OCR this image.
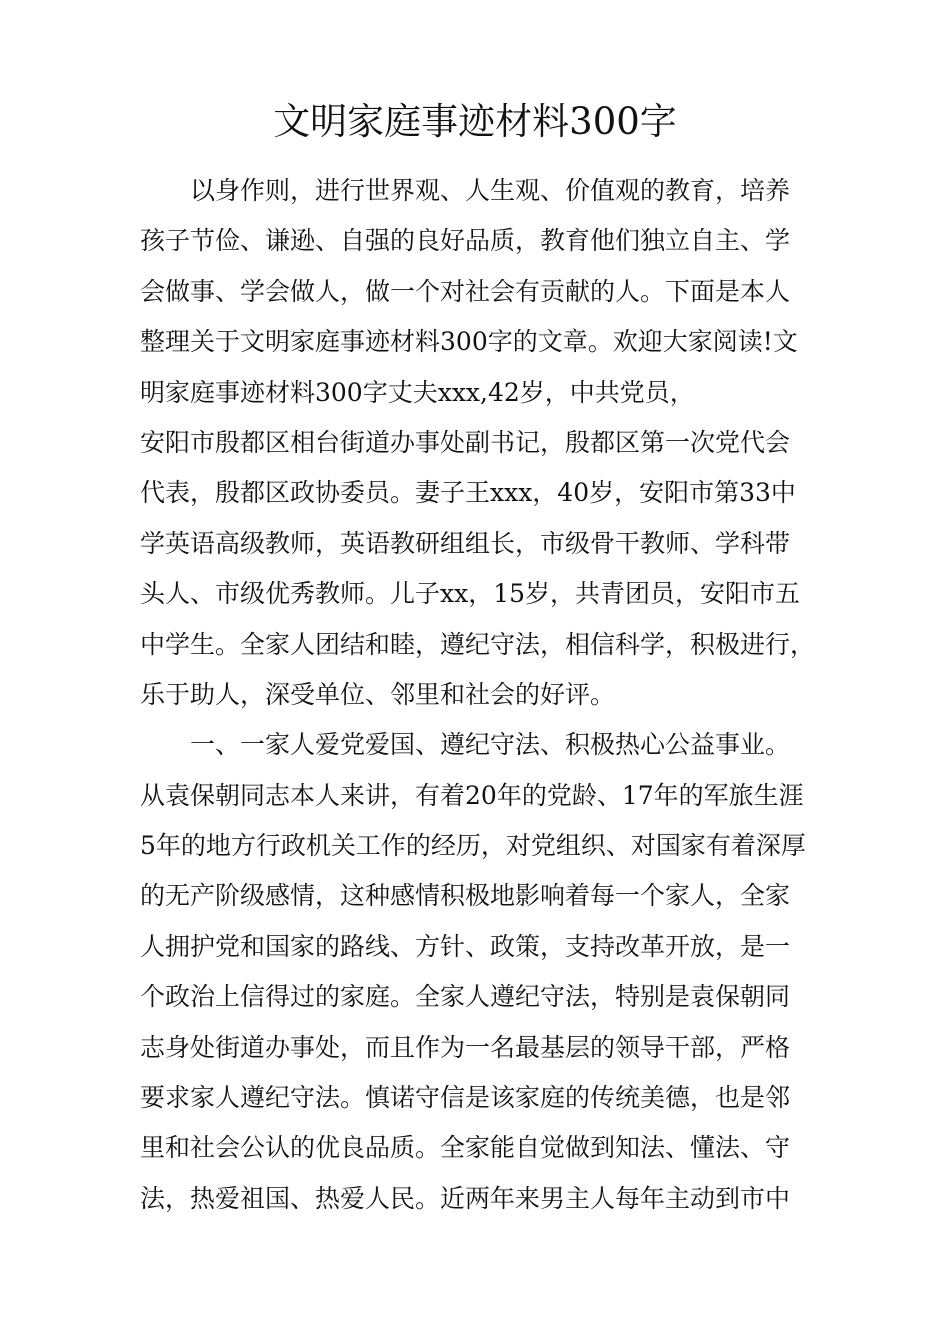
文明家庭事迹材料300字

以身作则，进行世界观、人生观、价值观的教育，培养

孩子节俭、谦逊、自强的良好品质，教育他们独立自主、学

会做事、学会做人，做一个对社会有贡献的人。下面是本人

整理关于文明家庭事迹材料300字的文章。欢迎大家阅读!文

明家庭事迹材料300字丈夫xxx,42岁，中共党员，

安阳市殷都区相台街道办事处副书记，殷都区第一次党代会

代表，殷都区政协委员。妻子王xxx，40岁，安阳市第33中

学英语高级教师，英语教研组组长，市级骨干教师、学科带

头人、市级优秀教师。儿子xx，15岁，共青团员，安阳市五

中学生。全家人团结和睦，遵纪守法，相信科学，积极进行，

乐于助人，深受单位、邻里和社会的好评。

一、一家人爱党爱国、遵纪守法、积极热心公益事业。

从袁保朝同志本人来讲，有着20年的党龄、17年的军旅生涯

5年的地方行政机关工作的经历，对党组织、对国家有着深厚

的无产阶级感情，这种感情积极地影响着每一个家人，全家

人拥护党和国家的路线、方针、政策，支持改革开放，是一

个政治上信得过的家庭。全家人遵纪守法，特别是袁保朝同

志身处街道办事处，而且作为一名最基层的领导干部，严格

要求家人遵纪守法。慎诺守信是该家庭的传统美德，也是邻

里和社会公认的优良品质。全家能自觉做到知法、懂法、守

法，热爱祖国、热爱人民。近两年来男主人每年主动到市中
